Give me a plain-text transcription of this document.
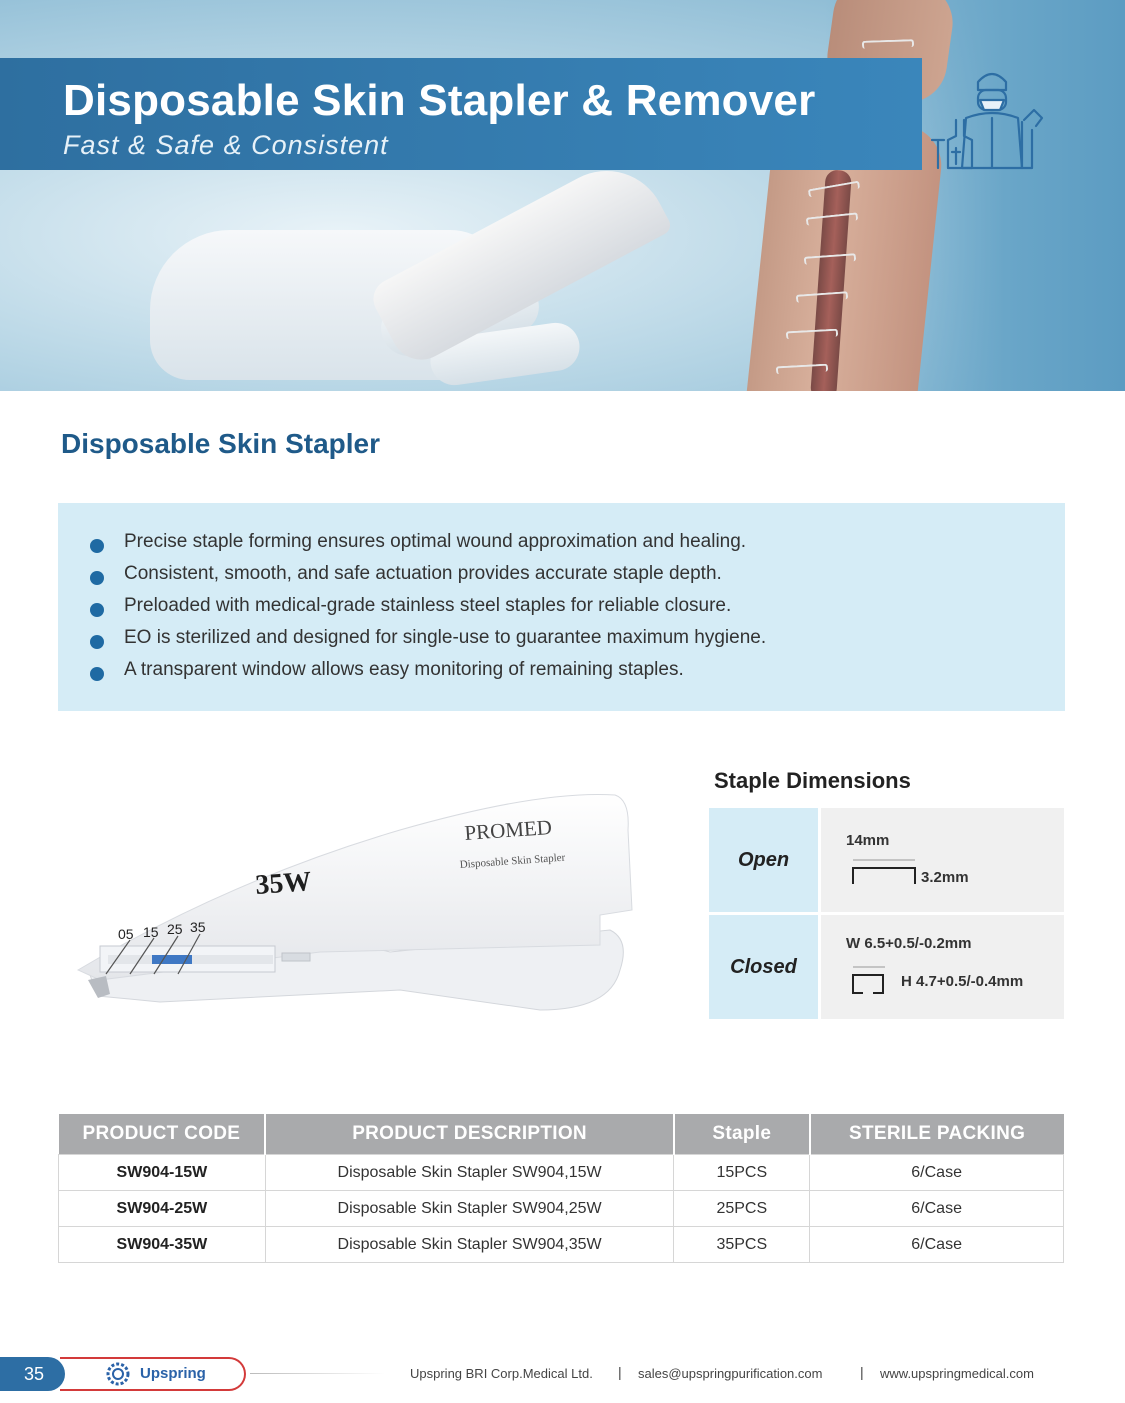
Disposable Skin Stapler & Remover

Fast & Safe & Consistent

Disposable Skin Stapler
Precise staple forming ensures optimal wound approximation and healing.
Consistent, smooth, and safe actuation provides accurate staple depth.
Preloaded with medical-grade stainless steel staples for reliable closure.
EO is sterilized and designed for single-use to guarantee maximum hygiene.
A transparent window allows easy monitoring of remaining staples.
05 15 25 35
PROMED
Disposable Skin Stapler
35W
Staple Dimensions
Open
14mm
3.2mm
Closed
W 6.5+0.5/-0.2mm
H 4.7+0.5/-0.4mm
PRODUCT CODE	PRODUCT DESCRIPTION	Staple	STERILE PACKING
SW904-15W	Disposable Skin Stapler SW904,15W	15PCS	6/Case
SW904-25W	Disposable Skin Stapler SW904,25W	25PCS	6/Case
SW904-35W	Disposable Skin Stapler SW904,35W	35PCS	6/Case
35	Upspring	Upspring BRI Corp.Medical Ltd. | sales@upspringpurification.com	| www.upspringmedical.com
